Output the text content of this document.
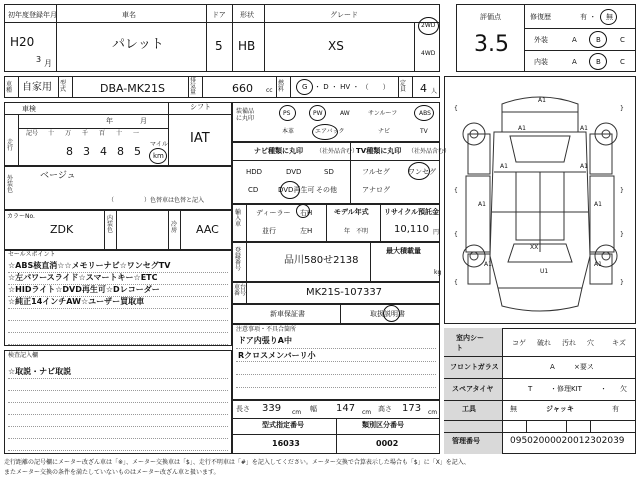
初年度登録年月	車名	ドア 形状	グレード
H20
3 月
パレット	5 HB	XS
2WD
4WD
評価点
3.5
修復歴	有 ・ 無
外装	A	B	C
内装	A	B	C
車種 自家用 型式	DBA-MK21S
排気量	660 cc
燃料	G ・ D ・ HV ・ （　　） 定員	4 人
車検
年	月
記号 十 万 千 百 十 一
8 3 4 8 5
走行
マイル
km
シフト
IAT
装備品に丸印
PS	PW	AW	サンルーフ	ABS
本革	エアバック	ナビ	TV
ナビ種類に丸印 （社外品含む）
TV種類に丸印 （社外品含む）
HDD	DVD	SD
CD	DVD再生可 その他
フルセグ	ワンセグ
アナログ
外装色
ベージュ
（　　　　　）色替車は色替と記入
カラーNo.
ZDK
内装色
冷房 AAC
輸入車
ディーラー
並行
右H
左H
モデル年式
年　不明
リサイクル預託金
10,110 円
登録番号
品川580せ2138
最大積載量
kg
車台番号	MK21S-107337
新車保証書	取扱説明書
セールスポイント
☆ABS核直消☆☆メモリーナビ☆ワンセグTV
☆左パワースライド☆スマートキー☆ETC
☆HIDライト☆DVD再生可☆Dレコーダー
☆純正14インチAW☆ユーザー買取車
検査記入欄
☆取説・ナビ取説
注意事項・不具合箇所
ドア内張りA中
Rクロスメンバーリ小
長さ 339 cm 幅 147 cm 高さ 173 cm
型式指定番号	類別区分番号
16033	0002
{	}
{	}
{	}
{	}
A1
A1	A1
A1	A1
A1	A1
A1	A1
XX
U1
室内シート
コゲ 破れ 汚れ 穴	キズ
フロントガラス	A	×要ス
スペアタイヤ	T	・修理KIT	・ 欠
工具	無	ジャッキ	有
管理番号	09502000020012302039
走行距離の記号欄にメーター改ざん車は「※」、メーター交換車は「$」、走行不明車は「#」を記入してください。メーター交換で合算表示した場合も「$」に「X」を記入、
またメーター交換の条件を満たしていないものはメーター改ざん車と扱います。
